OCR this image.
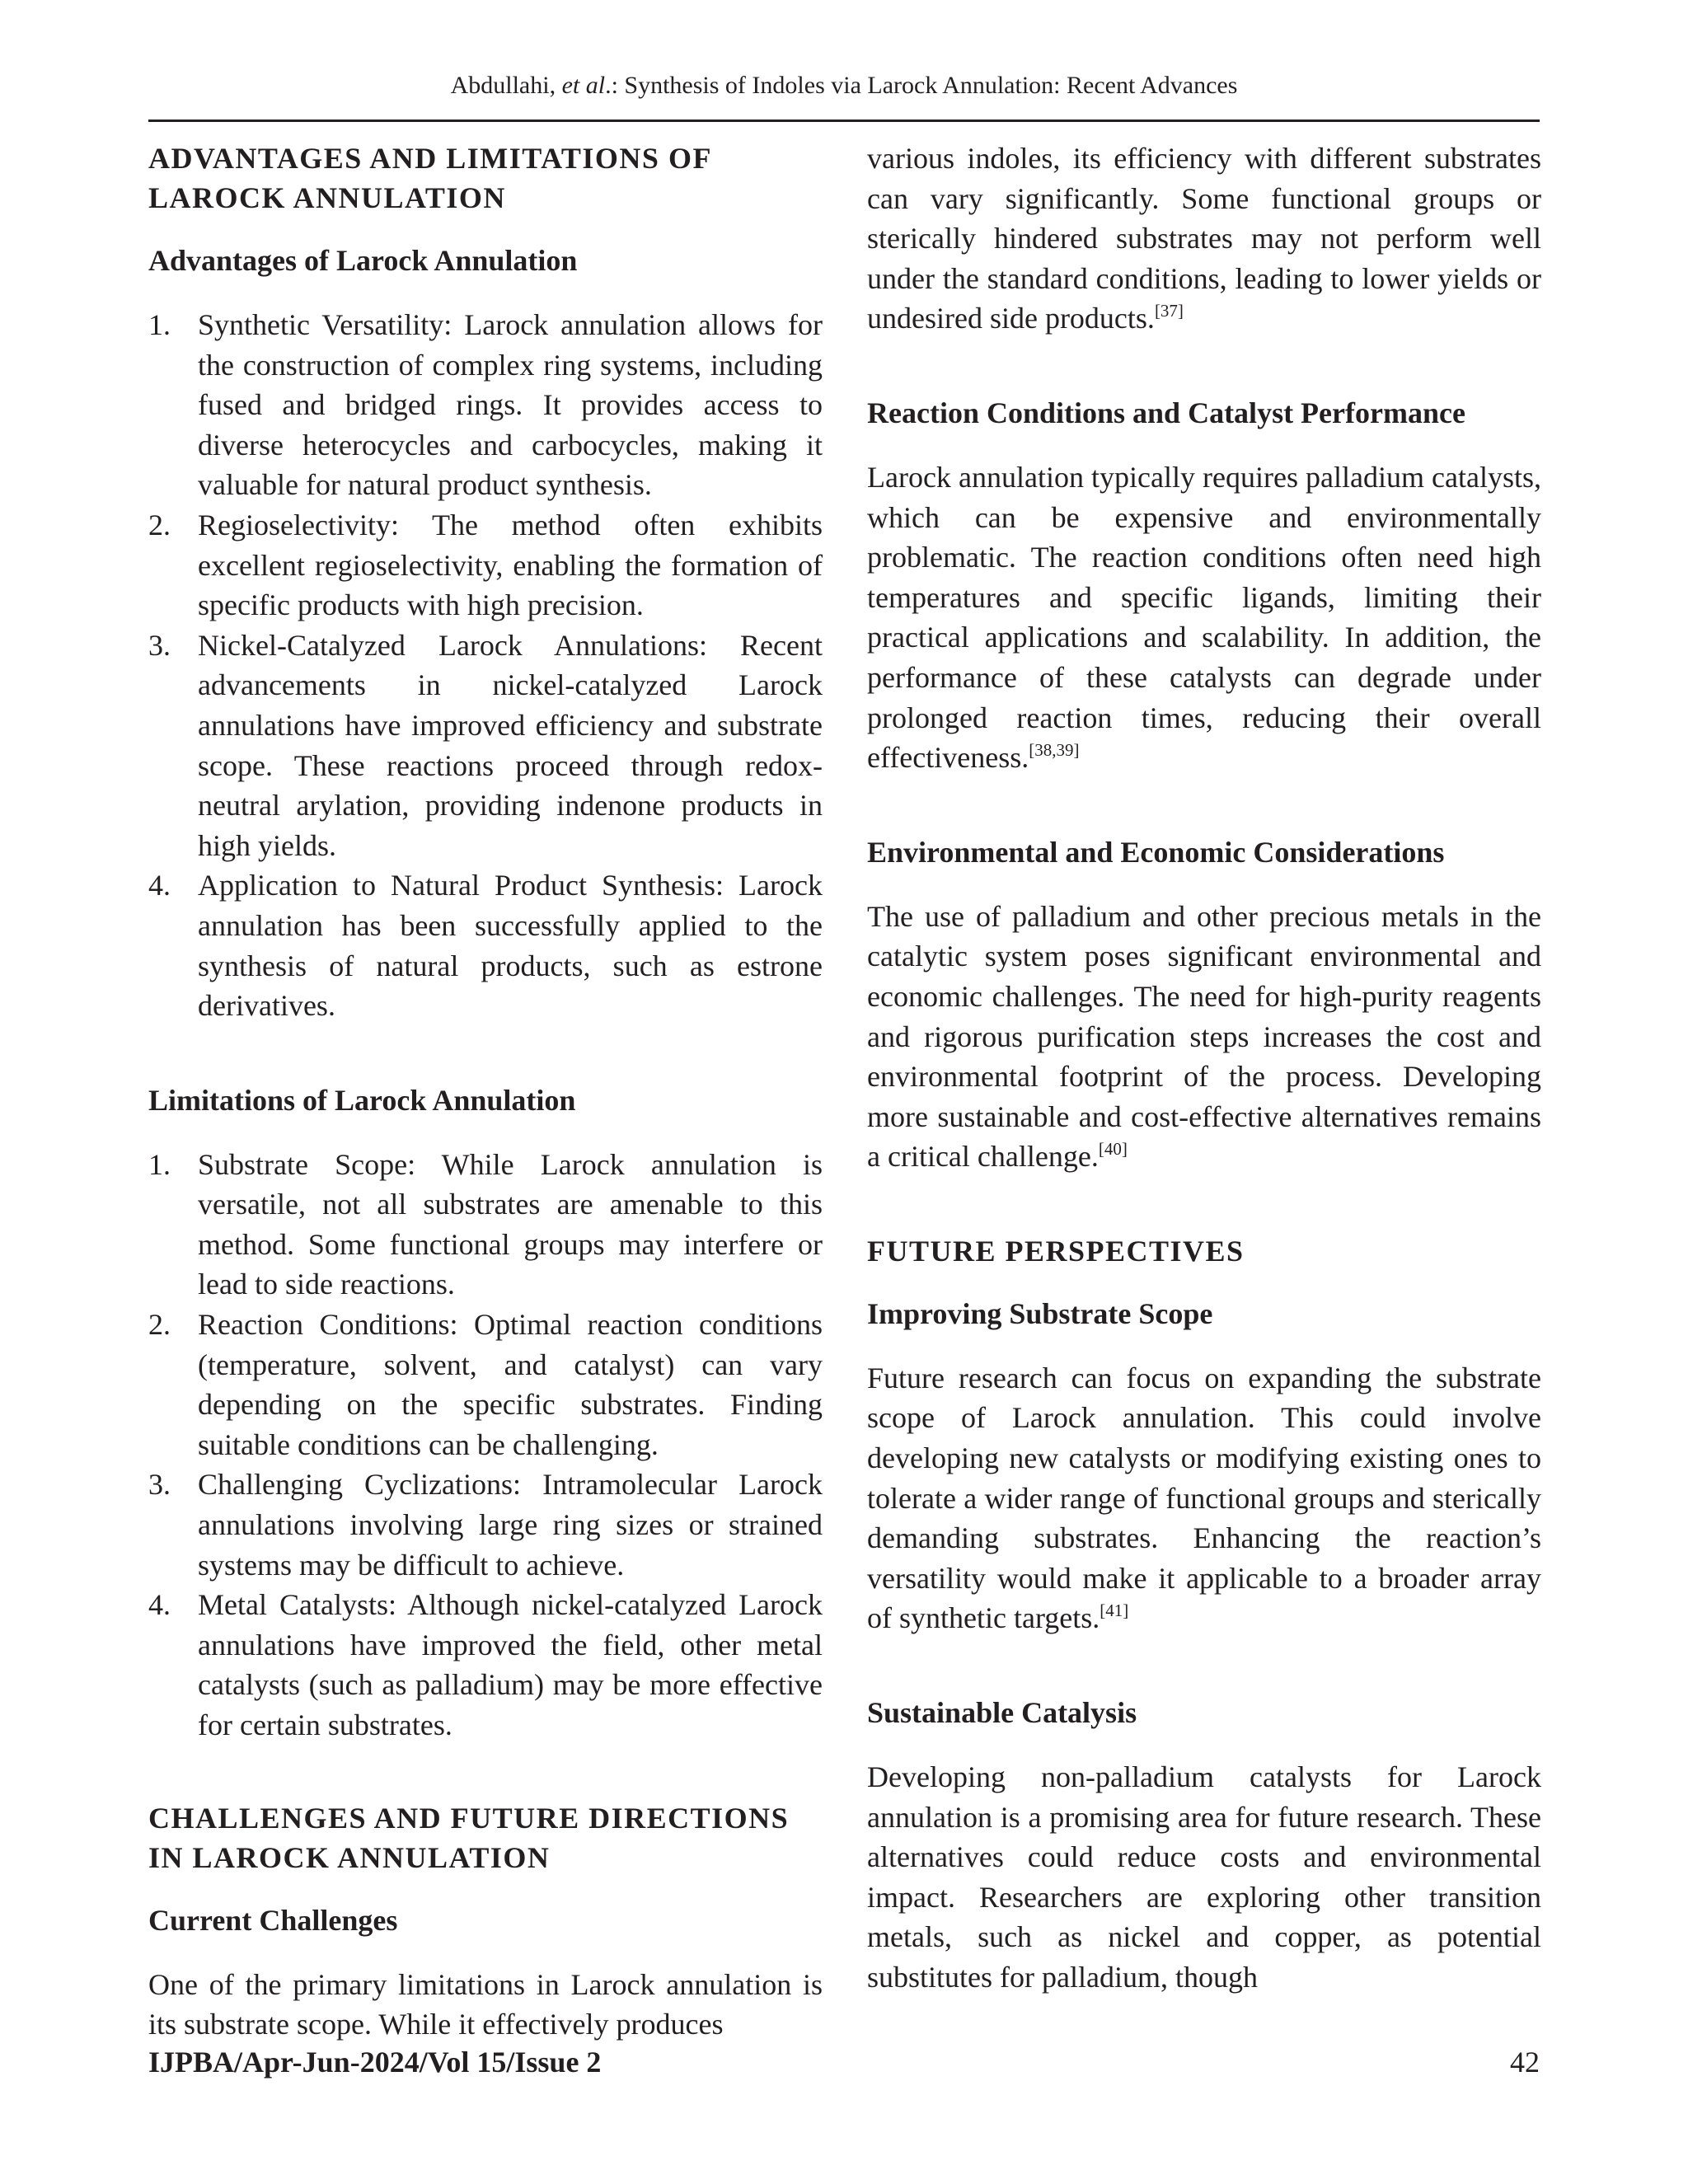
Abdullahi, et al.: Synthesis of Indoles via Larock Annulation: Recent Advances
ADVANTAGES AND LIMITATIONS OF LAROCK ANNULATION
Advantages of Larock Annulation
1. Synthetic Versatility: Larock annulation allows for the construction of complex ring systems, including fused and bridged rings. It provides access to diverse heterocycles and carbocycles, making it valuable for natural product synthesis.
2. Regioselectivity: The method often exhibits excellent regioselectivity, enabling the formation of specific products with high precision.
3. Nickel-Catalyzed Larock Annulations: Recent advancements in nickel-catalyzed Larock annulations have improved efficiency and substrate scope. These reactions proceed through redox-neutral arylation, providing indenone products in high yields.
4. Application to Natural Product Synthesis: Larock annulation has been successfully applied to the synthesis of natural products, such as estrone derivatives.
Limitations of Larock Annulation
1. Substrate Scope: While Larock annulation is versatile, not all substrates are amenable to this method. Some functional groups may interfere or lead to side reactions.
2. Reaction Conditions: Optimal reaction conditions (temperature, solvent, and catalyst) can vary depending on the specific substrates. Finding suitable conditions can be challenging.
3. Challenging Cyclizations: Intramolecular Larock annulations involving large ring sizes or strained systems may be difficult to achieve.
4. Metal Catalysts: Although nickel-catalyzed Larock annulations have improved the field, other metal catalysts (such as palladium) may be more effective for certain substrates.
CHALLENGES AND FUTURE DIRECTIONS IN LAROCK ANNULATION
Current Challenges

One of the primary limitations in Larock annulation is its substrate scope. While it effectively produces

various indoles, its efficiency with different substrates can vary significantly. Some functional groups or sterically hindered substrates may not perform well under the standard conditions, leading to lower yields or undesired side products.[37]

Reaction Conditions and Catalyst Performance

Larock annulation typically requires palladium catalysts, which can be expensive and environmentally problematic. The reaction conditions often need high temperatures and specific ligands, limiting their practical applications and scalability. In addition, the performance of these catalysts can degrade under prolonged reaction times, reducing their overall effectiveness.[38,39]

Environmental and Economic Considerations

The use of palladium and other precious metals in the catalytic system poses significant environmental and economic challenges. The need for high-purity reagents and rigorous purification steps increases the cost and environmental footprint of the process. Developing more sustainable and cost-effective alternatives remains a critical challenge.[40]

FUTURE PERSPECTIVES
Improving Substrate Scope

Future research can focus on expanding the substrate scope of Larock annulation. This could involve developing new catalysts or modifying existing ones to tolerate a wider range of functional groups and sterically demanding substrates. Enhancing the reaction’s versatility would make it applicable to a broader array of synthetic targets.[41]

Sustainable Catalysis

Developing non-palladium catalysts for Larock annulation is a promising area for future research. These alternatives could reduce costs and environmental impact. Researchers are exploring other transition metals, such as nickel and copper, as potential substitutes for palladium, though

IJPBA/Apr-Jun-2024/Vol 15/Issue 2	42
